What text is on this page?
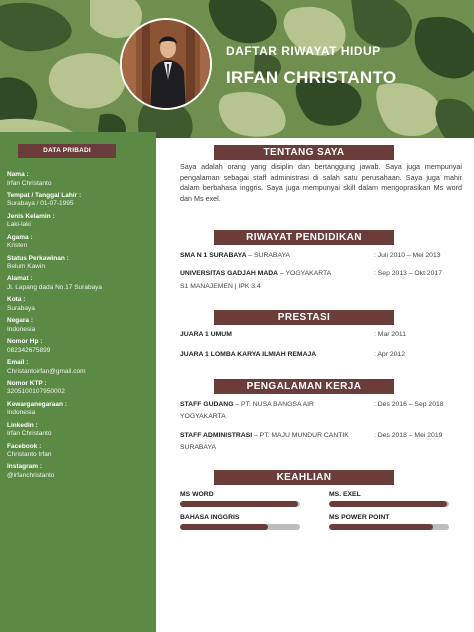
DAFTAR RIWAYAT HIDUP
IRFAN CHRISTANTO
DATA PRIBADI
Nama :
Irfan Christanto
Tempat / Tanggal Lahir :
Surabaya / 01-07-1995
Jenis Kelamin :
Laki-laki
Agama :
Kristen
Status Perkawinan :
Belum Kawin
Alamat :
Jl. Lapang dada No.17 Surabaya
Kota :
Surabaya
Negara :
Indonesia
Nomor Hp :
082342675899
Email :
Christantoirfan@gmail.com
Nomor KTP :
3205100107950002
Kewarganegaraan :
Indonesia
LinkedIn :
Irfan Christanto
Facebook :
Christanto Irfan
Instagram :
@irfanchristanto
TENTANG SAYA

Saya adalah orang yang disiplin dan bertanggung jawab. Saya juga mempunyai pengalaman sebagai staff administrasi di salah satu perusahaan. Saya juga mahir dalam berbahasa inggris. Saya juga mempunyai skill dalam mengoprasikan Ms word dan Ms exel.

RIWAYAT PENDIDIKAN
SMA N 1 SURABAYA – SURABAYA	: Juli 2010 – Mei 2013
UNIVERSITAS GADJAH MADA – YOGYAKARTA	: Sep 2013 – Okt 2017
S1 MANAJEMEN | IPK 3.4
PRESTASI
JUARA 1 UMUM	: Mar 2011
JUARA 1 LOMBA KARYA ILMIAH REMAJA	: Apr 2012
PENGALAMAN KERJA
STAFF GUDANG – PT. NUSA BANGSA AIR	: Des 2016 – Sep 2018
YOGYAKARTA
STAFF ADMINISTRASI – PT. MAJU MUNDUR CANTIK	: Des 2018 – Mei 2019
SURABAYA
KEAHLIAN
MS WORD	MS. EXEL
BAHASA INGGRIS	MS POWER POINT
